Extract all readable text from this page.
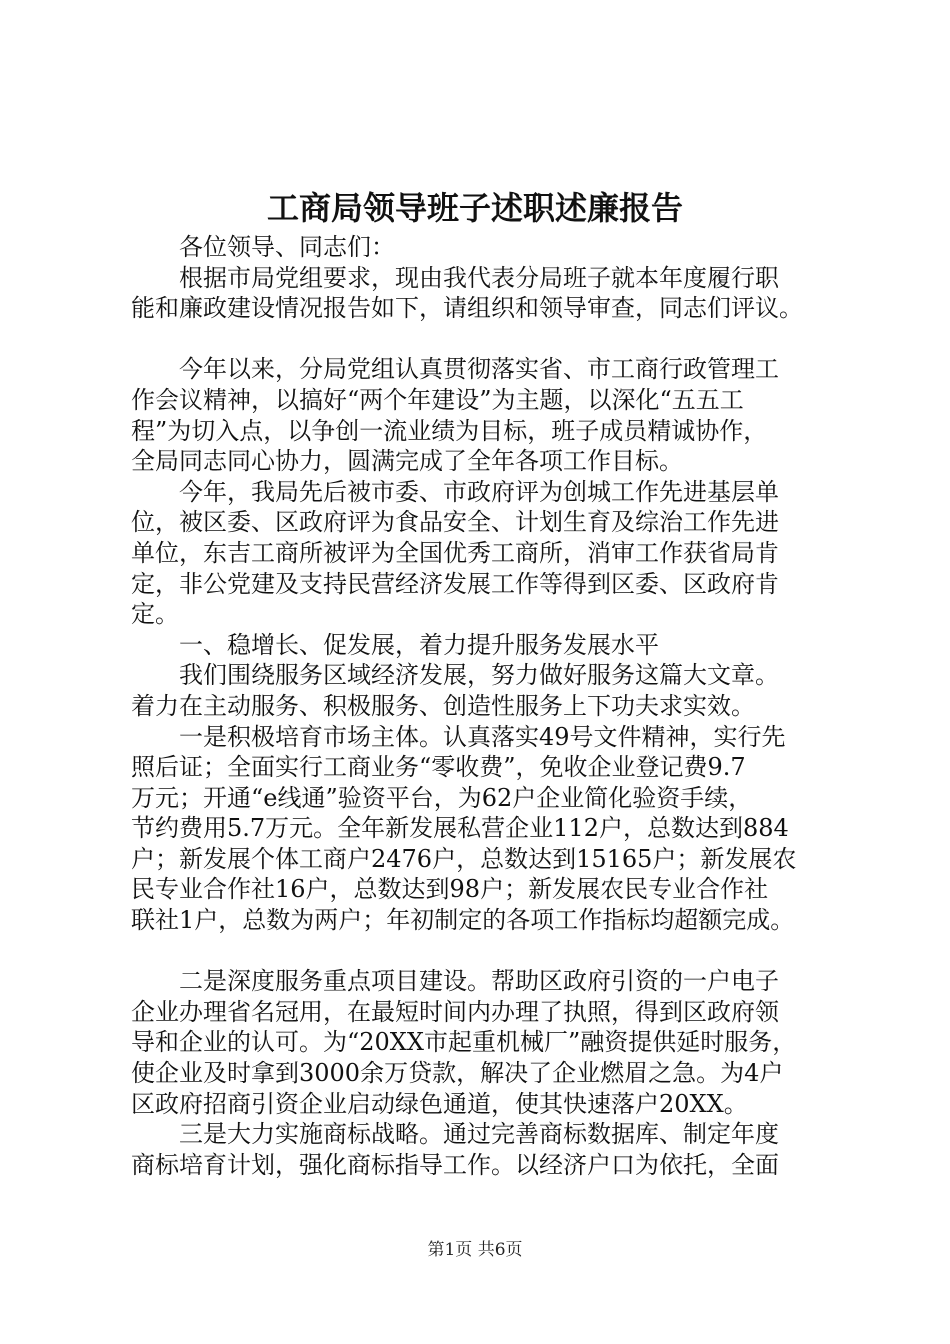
工商局领导班子述职述廉报告
各位领导、同志们：
根据市局党组要求，现由我代表分局班子就本年度履行职
能和廉政建设情况报告如下，请组织和领导审查，同志们评议。
今年以来，分局党组认真贯彻落实省、市工商行政管理工
作会议精神，以搞好“两个年建设”为主题，以深化“五五工
程”为切入点，以争创一流业绩为目标，班子成员精诚协作，
全局同志同心协力，圆满完成了全年各项工作目标。
今年，我局先后被市委、市政府评为创城工作先进基层单
位，被区委、区政府评为食品安全、计划生育及综治工作先进
单位，东吉工商所被评为全国优秀工商所，消审工作获省局肯
定，非公党建及支持民营经济发展工作等得到区委、区政府肯
定。
一、稳增长、促发展，着力提升服务发展水平
我们围绕服务区域经济发展，努力做好服务这篇大文章。
着力在主动服务、积极服务、创造性服务上下功夫求实效。
一是积极培育市场主体。认真落实49号文件精神，实行先
照后证；全面实行工商业务“零收费”，免收企业登记费9.7
万元；开通“e线通”验资平台，为62户企业简化验资手续，
节约费用5.7万元。全年新发展私营企业112户，总数达到884
户；新发展个体工商户2476户，总数达到15165户；新发展农
民专业合作社16户，总数达到98户；新发展农民专业合作社
联社1户，总数为两户；年初制定的各项工作指标均超额完成。
二是深度服务重点项目建设。帮助区政府引资的一户电子
企业办理省名冠用，在最短时间内办理了执照，得到区政府领
导和企业的认可。为“20XX市起重机械厂”融资提供延时服务，
使企业及时拿到3000余万贷款，解决了企业燃眉之急。为4户
区政府招商引资企业启动绿色通道，使其快速落户20XX。
三是大力实施商标战略。通过完善商标数据库、制定年度
商标培育计划，强化商标指导工作。以经济户口为依托，全面
第1页 共6页
